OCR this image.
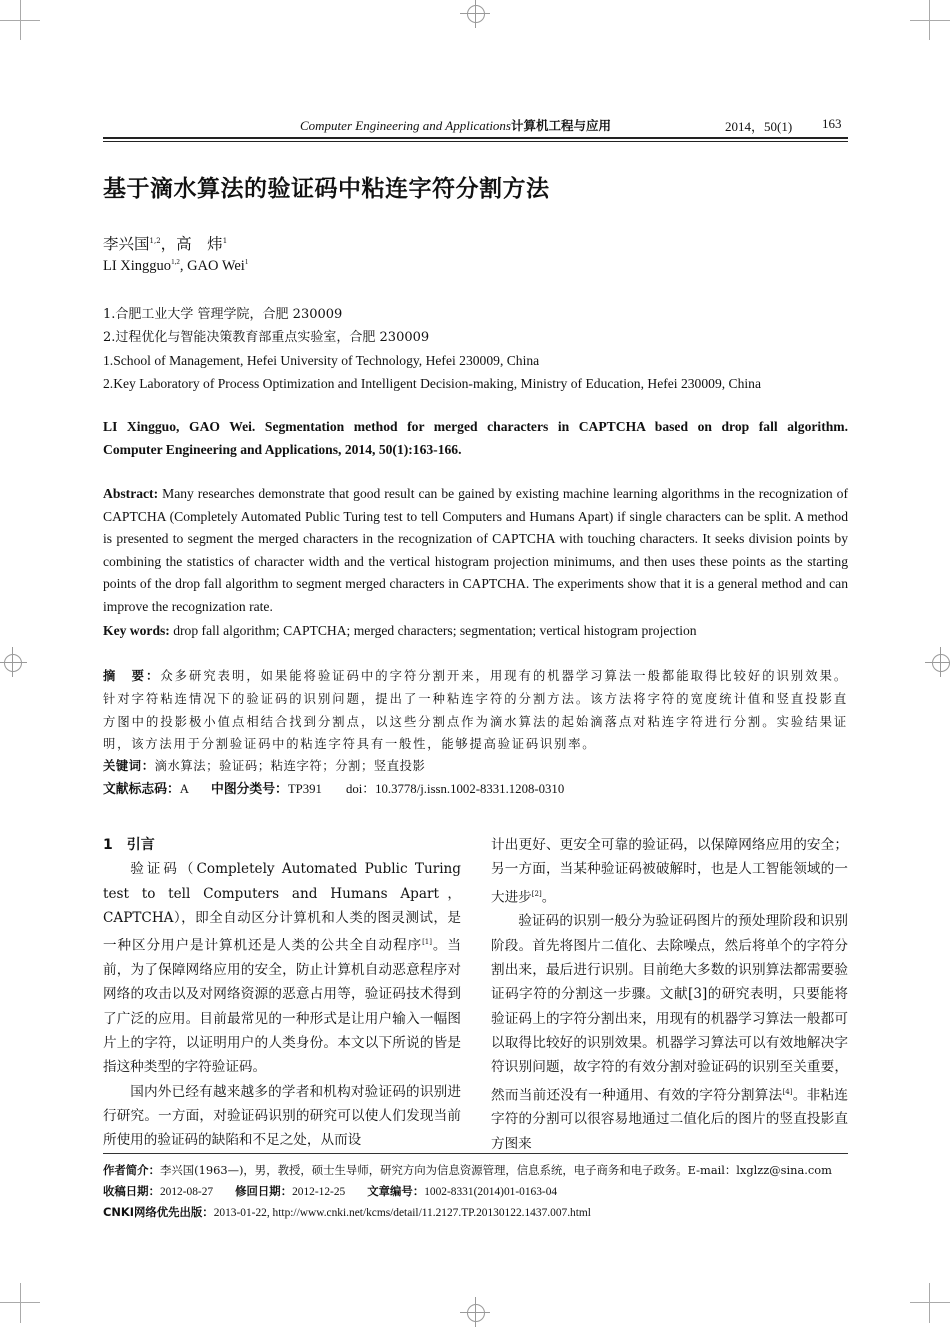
Computer Engineering and Applications计算机工程与应用	2014，50(1) 163
基于滴水算法的验证码中粘连字符分割方法
李兴国$^{1,2}$，高　炜$^1$
LI Xingguo$^{1,2}$, GAO Wei$^1$
1.合肥工业大学 管理学院，合肥 230009
2.过程优化与智能决策教育部重点实验室，合肥 230009
1.School of Management, Hefei University of Technology, Hefei 230009, China
2.Key Laboratory of Process Optimization and Intelligent Decision-making, Ministry of Education, Hefei 230009, China
LI Xingguo, GAO Wei. Segmentation method for merged characters in CAPTCHA based on drop fall algorithm.
Computer Engineering and Applications, 2014, 50(1):163-166.
Abstract: Many researches demonstrate that good result can be gained by existing machine learning algorithms in the recognization of CAPTCHA (Completely Automated Public Turing test to tell Computers and Humans Apart) if single characters can be split. A method is presented to segment the merged characters in the recognization of CAPTCHA with touching characters. It seeks division points by combining the statistics of character width and the vertical histogram projection minimums, and then uses these points as the starting points of the drop fall algorithm to segment merged characters in CAPTCHA. The experiments show that it is a general method and can improve the recognization rate.
Key words: drop fall algorithm; CAPTCHA; merged characters; segmentation; vertical histogram projection
摘　要：众多研究表明，如果能将验证码中的字符分割开来，用现有的机器学习算法一般都能取得比较好的识别效果。针对字符粘连情况下的验证码的识别问题，提出了一种粘连字符的分割方法。该方法将字符的宽度统计值和竖直投影直方图中的投影极小值点相结合找到分割点，以这些分割点作为滴水算法的起始滴落点对粘连字符进行分割。实验结果证明，该方法用于分割验证码中的粘连字符具有一般性，能够提高验证码识别率。
关键词：滴水算法；验证码；粘连字符；分割；竖直投影
文献标志码：A 中图分类号：TP391 doi：10.3778/j.issn.1002-8331.1208-0310

1　引言

验证码（Completely Automated Public Turing test to tell Computers and Humans Apart，CAPTCHA），即全自动区分计算机和人类的图灵测试，是一种区分用户是计算机还是人类的公共全自动程序[1]。当前，为了保障网络应用的安全，防止计算机自动恶意程序对网络的攻击以及对网络资源的恶意占用等，验证码技术得到了广泛的应用。目前最常见的一种形式是让用户输入一幅图片上的字符，以证明用户的人类身份。本文以下所说的皆是指这种类型的字符验证码。

国内外已经有越来越多的学者和机构对验证码的识别进行研究。一方面，对验证码识别的研究可以使人们发现当前所使用的验证码的缺陷和不足之处，从而设

计出更好、更安全可靠的验证码，以保障网络应用的安全；另一方面，当某种验证码被破解时，也是人工智能领域的一大进步[2]。

验证码的识别一般分为验证码图片的预处理阶段和识别阶段。首先将图片二值化、去除噪点，然后将单个的字符分割出来，最后进行识别。目前绝大多数的识别算法都需要验证码字符的分割这一步骤。文献[3]的研究表明，只要能将验证码上的字符分割出来，用现有的机器学习算法一般都可以取得比较好的识别效果。机器学习算法可以有效地解决字符识别问题，故字符的有效分割对验证码的识别至关重要，然而当前还没有一种通用、有效的字符分割算法[4]。非粘连字符的分割可以很容易地通过二值化后的图片的竖直投影直方图来

作者简介：李兴国(1963—)，男，教授，硕士生导师，研究方向为信息资源管理，信息系统，电子商务和电子政务。E-mail：lxglzz@sina.com
收稿日期：2012-08-27 修回日期：2012-12-25 文章编号：1002-8331(2014)01-0163-04
CNKI网络优先出版：2013-01-22, http://www.cnki.net/kcms/detail/11.2127.TP.20130122.1437.007.html
